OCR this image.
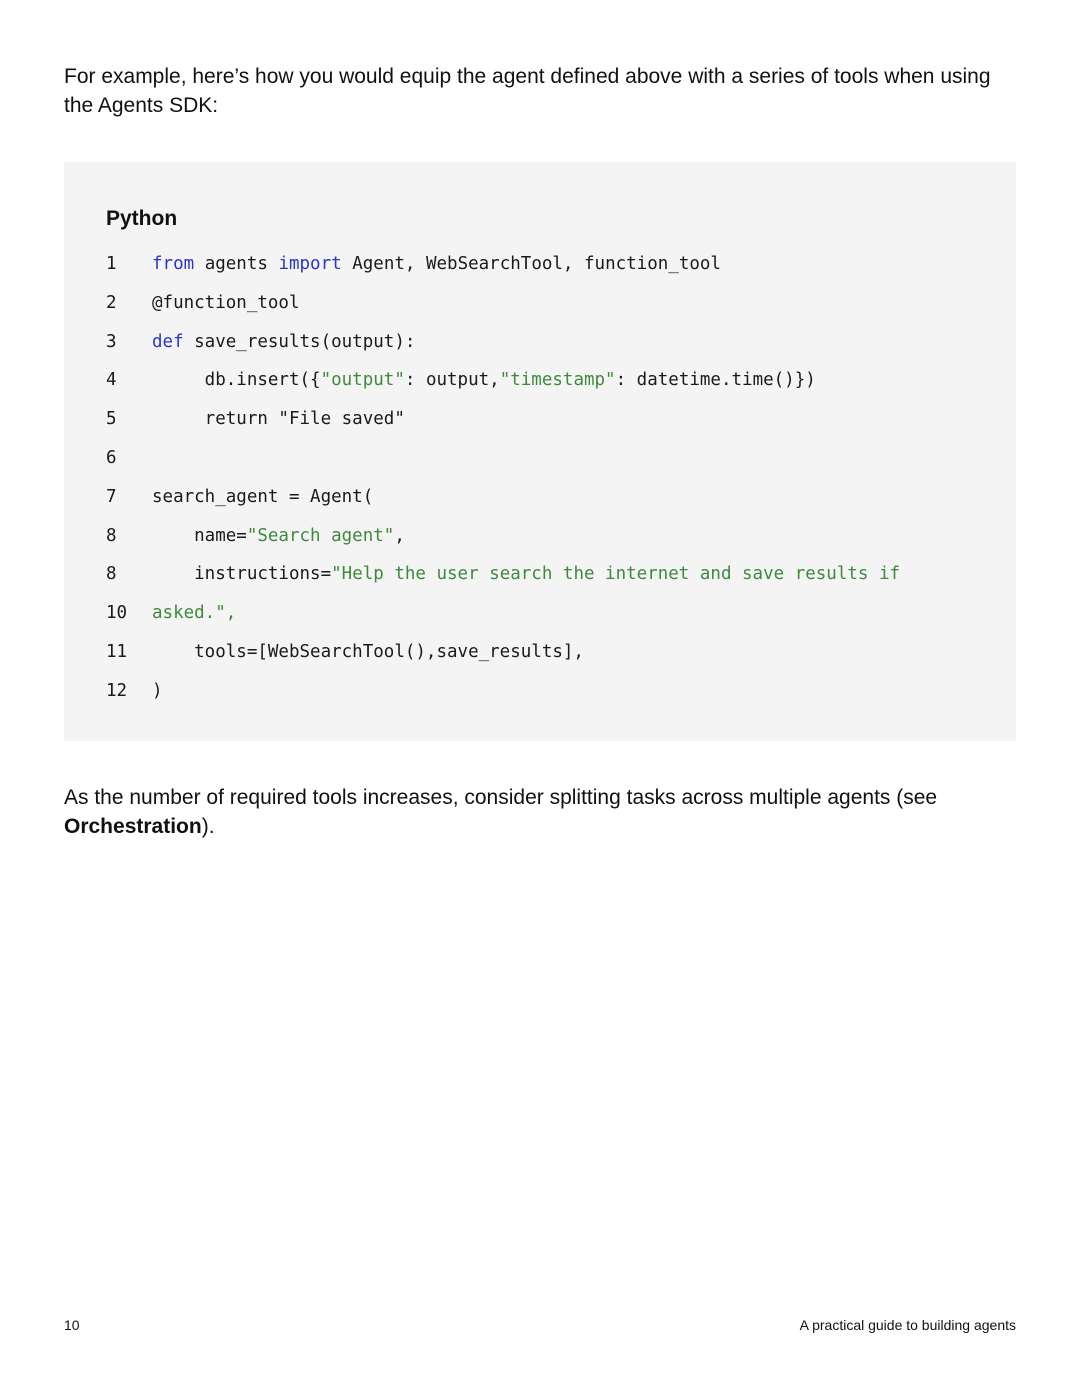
For example, here’s how you would equip the agent defined above with a series of tools when using the Agents SDK:

Python

1	from agents import Agent, WebSearchTool, function_tool
2	@function_tool
3	def save_results(output):
4	db.insert({"output": output,"timestamp": datetime.time()})
5	return "File saved"
6
7	search_agent = Agent(
8	name="Search agent",
8	instructions="Help the user search the internet and save results if
10	asked.",
11	tools=[WebSearchTool(),save_results],
12	)

As the number of required tools increases, consider splitting tasks across multiple agents (see Orchestration).

10	A practical guide to building agents
